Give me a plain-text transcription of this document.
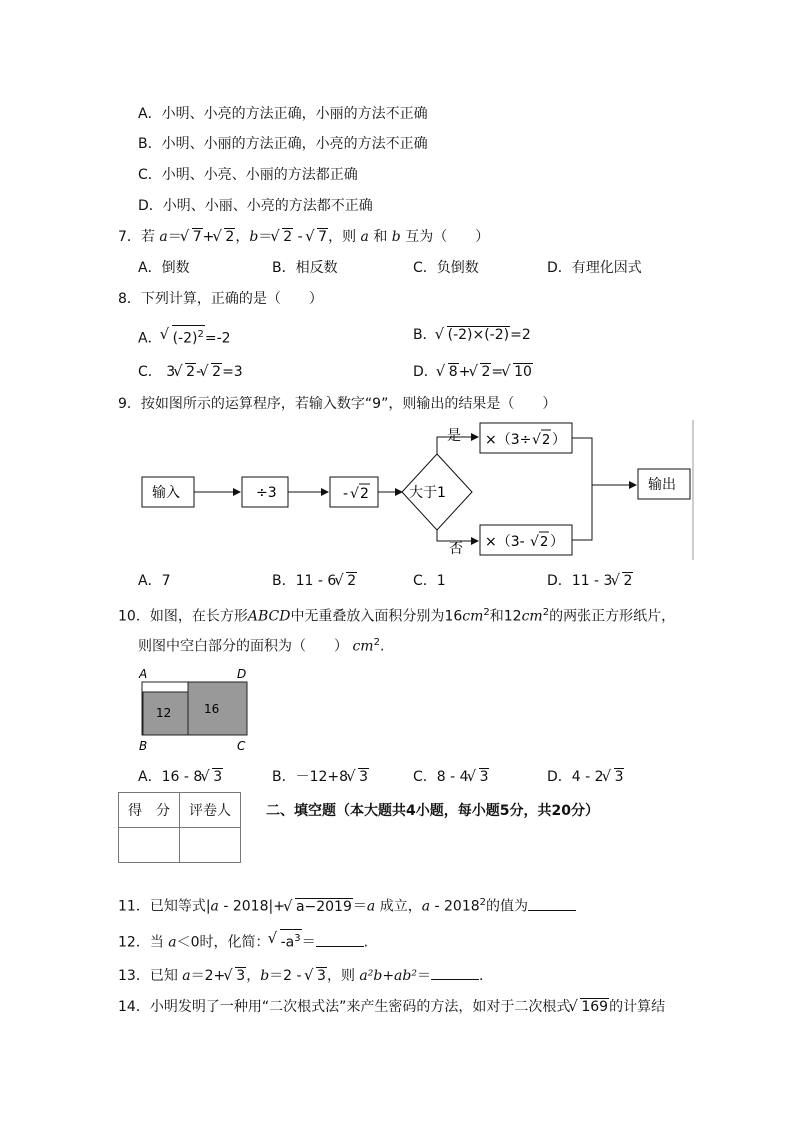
A．小明、小亮的方法正确，小丽的方法不正确
B．小明、小丽的方法正确，小亮的方法不正确
C．小明、小亮、小丽的方法都正确
D．小明、小丽、小亮的方法都不正确
7．若 a＝ √ 7+ √ 2，b＝ √ 2 - √ 7，则 a 和 b 互为（　　）
A．倒数	B．相反数	C．负倒数	D．有理化因式
8．下列计算，正确的是（　　）
A． √ $(-2)^2=-2$	B． √ (-2)×(-2)=2
C． 3 √ 2- √ 2=3	D． √ 8+ √ 2= √ 10
9．按如图所示的运算程序，若输入数字“9”，则输出的结果是（　　）
输入	÷3	- √ 2	大于1
是
否
×（3÷ √ 2 ）
×（3- √ 2 ）
输出
A．7	B．11 - 6 √ 2	C．1	D．11 - 3 √ 2
10．如图，在长方形ABCD中无重叠放入面积分别为$16cm^2$和$12cm^2$的两张正方形纸片，
则图中空白部分的面积为（　　） $cm^2$.
A	D
12	16
B	C
A．16 - 8 √ 3	B．－12+8 √ 3	C．8 - 4 √ 3	D．4 - 2 √ 3
得　分	评卷人
		二、填空题（本大题共4小题，每小题5分，共20分）
11．已知等式|a - 2018|+ √ a−2019＝a 成立，a - 2018$^2$的值为
12．当 a＜0时，化简： √ $-a^3=$	.
13．已知 a＝2+ √ 3，b＝2 - √ 3，则 a²b+ab²＝	.
14．小明发明了一种用“二次根式法”来产生密码的方法，如对于二次根式 √ 169的计算结
